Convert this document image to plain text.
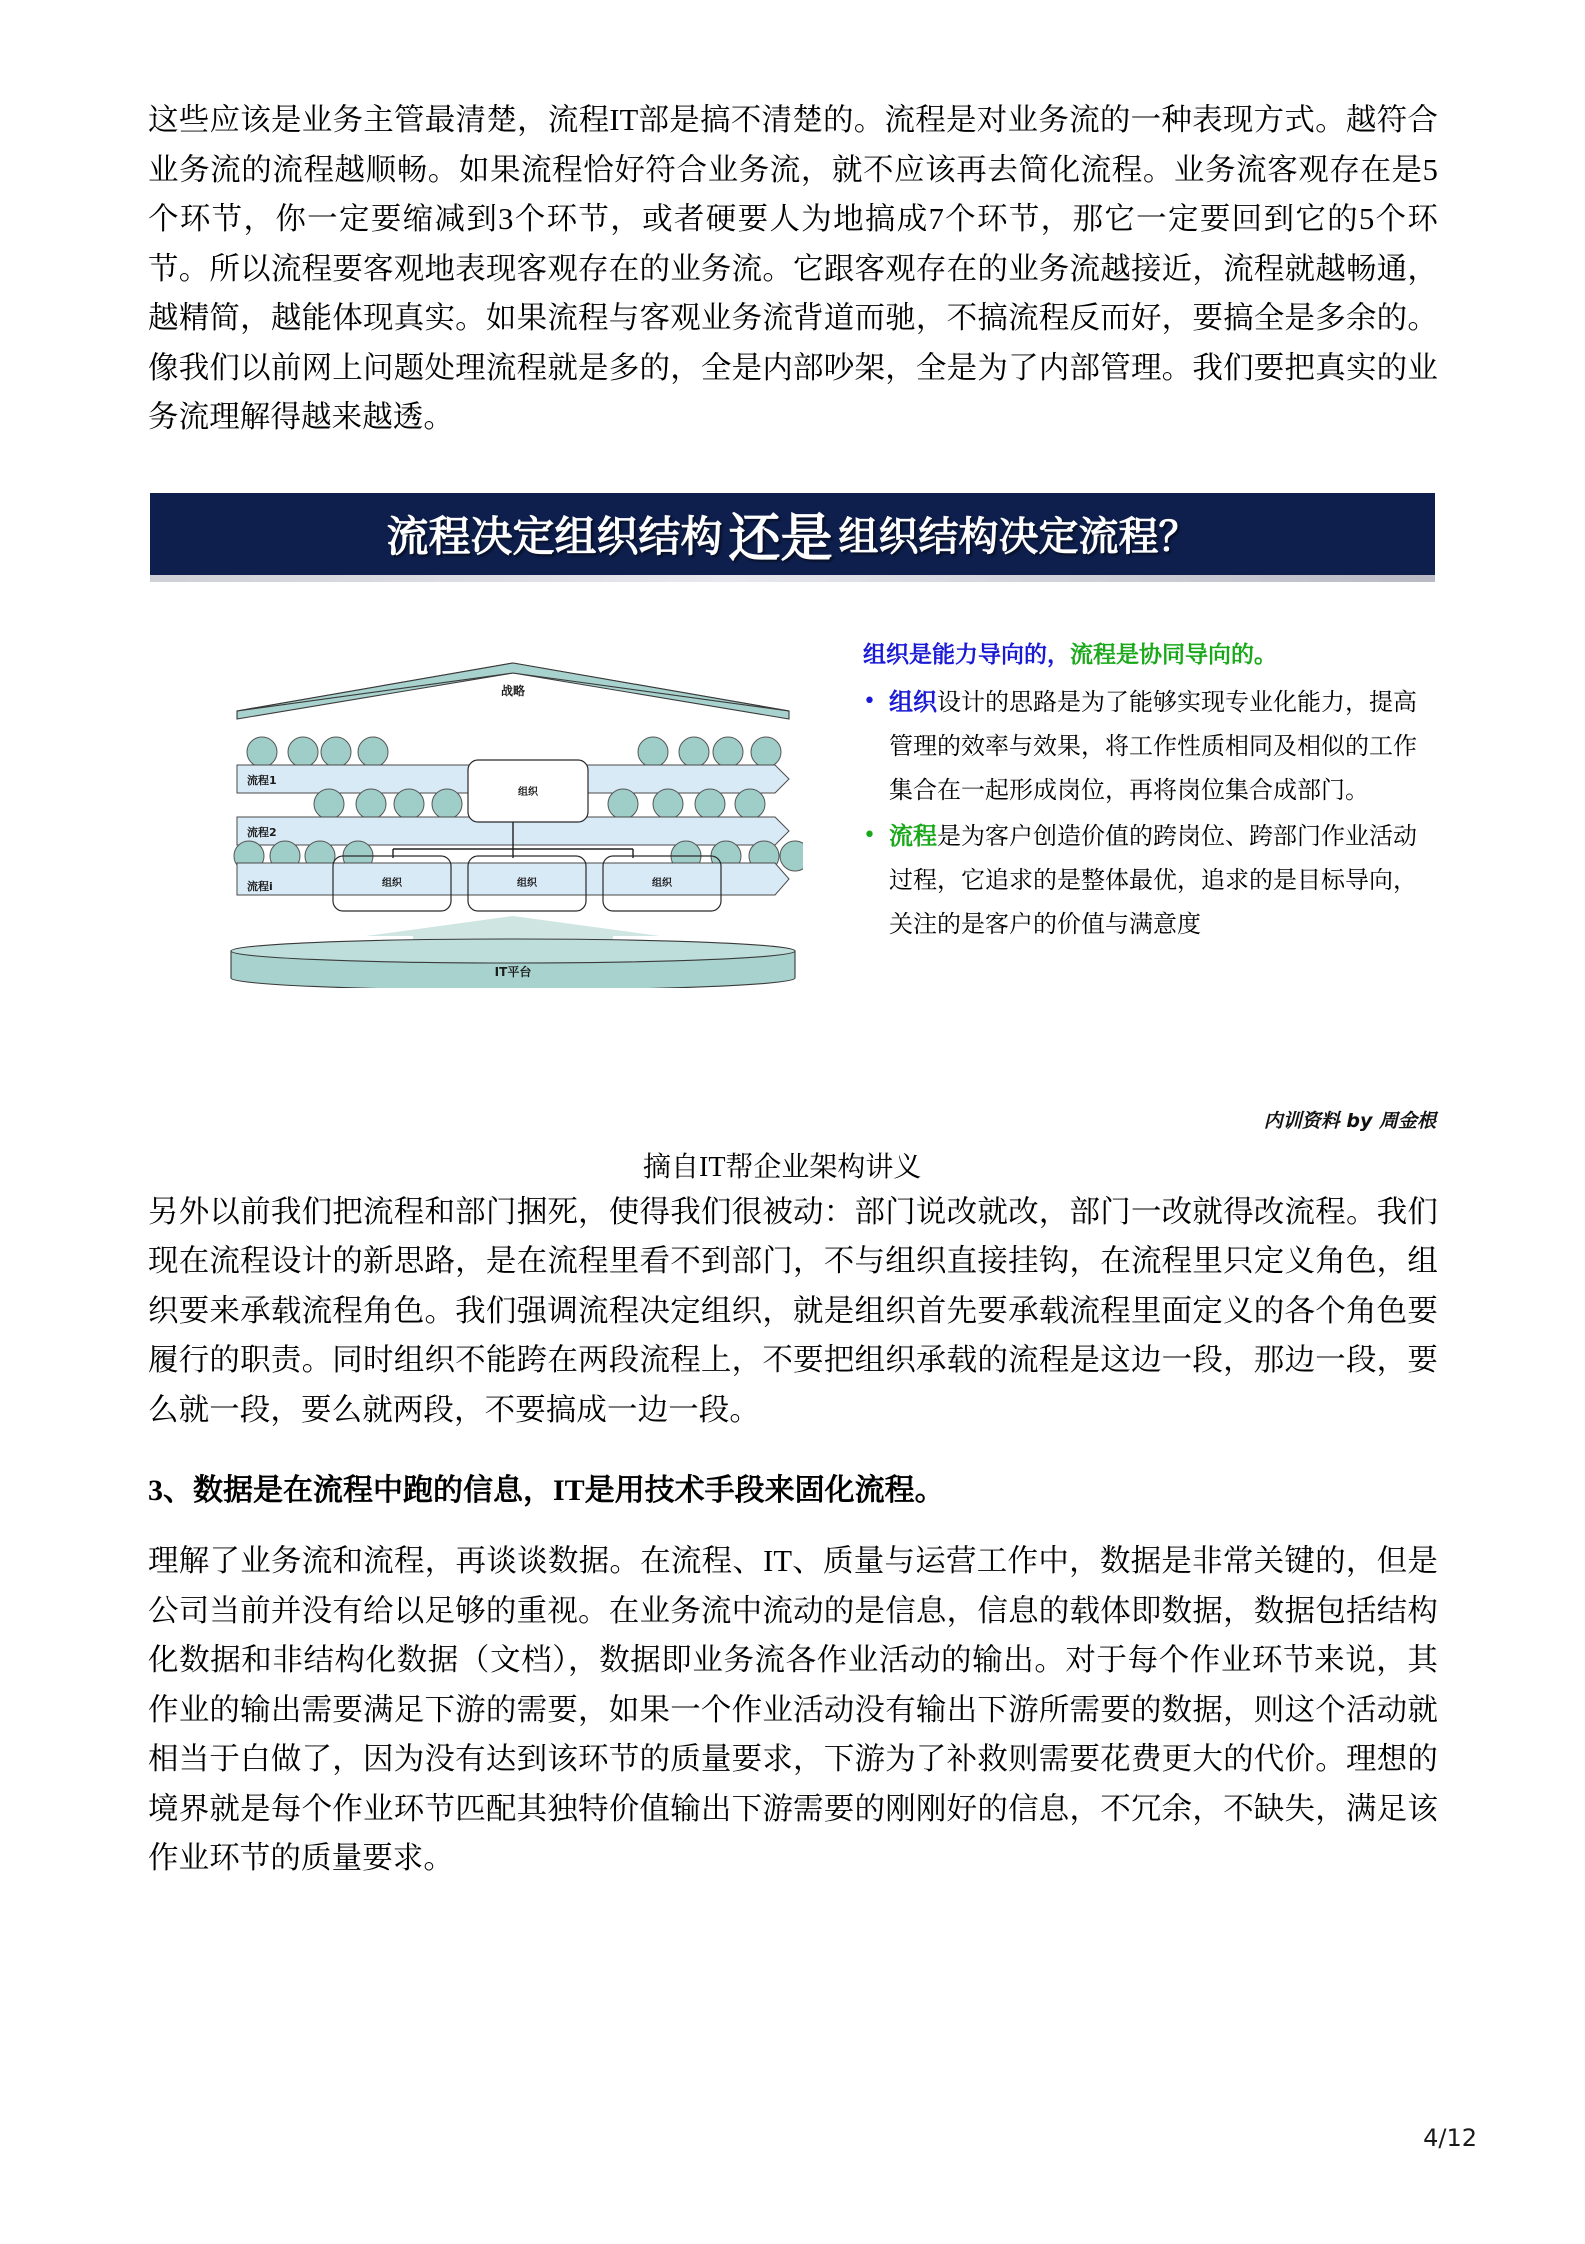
这些应该是业务主管最清楚，流程IT部是搞不清楚的。流程是对业务流的一种表现方式。越符合业务流的流程越顺畅。如果流程恰好符合业务流，就不应该再去简化流程。业务流客观存在是5个环节，你一定要缩减到3个环节，或者硬要人为地搞成7个环节，那它一定要回到它的5个环节。所以流程要客观地表现客观存在的业务流。它跟客观存在的业务流越接近，流程就越畅通，越精简，越能体现真实。如果流程与客观业务流背道而驰，不搞流程反而好，要搞全是多余的。像我们以前网上问题处理流程就是多的，全是内部吵架，全是为了内部管理。我们要把真实的业务流理解得越来越透。

流程决定组织结构 还是 组织结构决定流程？
战略
流程1
流程2
流程i
组织
组织	组织	组织
IT平台
组织是能力导向的，流程是协同导向的。
• 组织设计的思路是为了能够实现专业化能力，提高管理的效率与效果，将工作性质相同及相似的工作集合在一起形成岗位，再将岗位集合成部门。
• 流程是为客户创造价值的跨岗位、跨部门作业活动过程，它追求的是整体最优，追求的是目标导向，关注的是客户的价值与满意度
内训资料 by 周金根
摘自IT帮企业架构讲义

另外以前我们把流程和部门捆死，使得我们很被动：部门说改就改，部门一改就得改流程。我们现在流程设计的新思路，是在流程里看不到部门，不与组织直接挂钩，在流程里只定义角色，组织要来承载流程角色。我们强调流程决定组织，就是组织首先要承载流程里面定义的各个角色要履行的职责。同时组织不能跨在两段流程上，不要把组织承载的流程是这边一段，那边一段，要么就一段，要么就两段，不要搞成一边一段。

3、数据是在流程中跑的信息，IT是用技术手段来固化流程。

理解了业务流和流程，再谈谈数据。在流程、IT、质量与运营工作中，数据是非常关键的，但是公司当前并没有给以足够的重视。在业务流中流动的是信息，信息的载体即数据，数据包括结构化数据和非结构化数据（文档），数据即业务流各作业活动的输出。对于每个作业环节来说，其作业的输出需要满足下游的需要，如果一个作业活动没有输出下游所需要的数据，则这个活动就相当于白做了，因为没有达到该环节的质量要求，下游为了补救则需要花费更大的代价。理想的境界就是每个作业环节匹配其独特价值输出下游需要的刚刚好的信息，不冗余，不缺失，满足该作业环节的质量要求。

4/12
